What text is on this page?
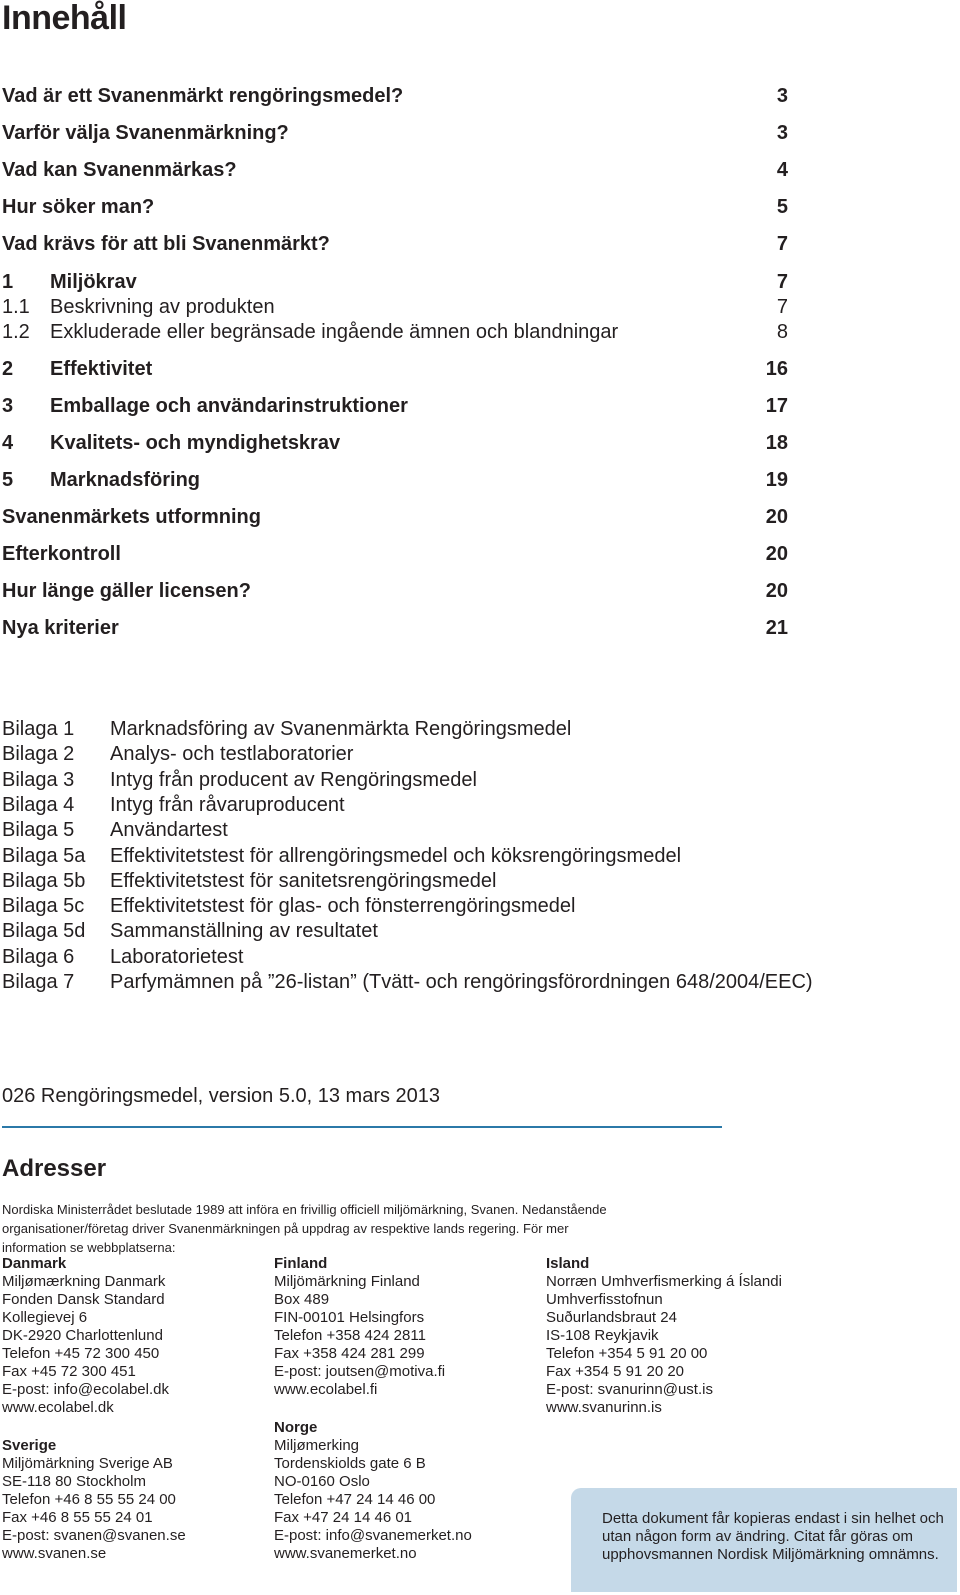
Innehåll
Vad är ett Svanenmärkt rengöringsmedel?	3
Varför välja Svanenmärkning?	3
Vad kan Svanenmärkas?	4
Hur söker man?	5
Vad krävs för att bli Svanenmärkt?	7
1	Miljökrav	7
1.1	Beskrivning av produkten	7
1.2	Exkluderade eller begränsade ingående ämnen och blandningar	8
2	Effektivitet	16
3	Emballage och användarinstruktioner	17
4	Kvalitets- och myndighetskrav	18
5	Marknadsföring	19
Svanenmärkets utformning	20
Efterkontroll	20
Hur länge gäller licensen?	20
Nya kriterier	21
Bilaga 1	Marknadsföring av Svanenmärkta Rengöringsmedel
Bilaga 2	Analys- och testlaboratorier
Bilaga 3	Intyg från producent av Rengöringsmedel
Bilaga 4	Intyg från råvaruproducent
Bilaga 5	Användartest
Bilaga 5a	Effektivitetstest för allrengöringsmedel och köksrengöringsmedel
Bilaga 5b	Effektivitetstest för sanitetsrengöringsmedel
Bilaga 5c	Effektivitetstest för glas- och fönsterrengöringsmedel
Bilaga 5d	Sammanställning av resultatet
Bilaga 6	Laboratorietest
Bilaga 7	Parfymämnen på ”26-listan” (Tvätt- och rengöringsförordningen 648/2004/EEC)
026 Rengöringsmedel, version 5.0, 13 mars 2013
Adresser
Nordiska Ministerrådet beslutade 1989 att införa en frivillig officiell miljömärkning, Svanen. Nedanstående organisationer/företag driver Svanenmärkningen på uppdrag av respektive lands regering. För mer information se webbplatserna:
Danmark
Miljømærkning Danmark
Fonden Dansk Standard
Kollegievej 6
DK-2920 Charlottenlund
Telefon +45 72 300 450
Fax +45 72 300 451
E-post: info@ecolabel.dk
www.ecolabel.dk
Sverige
Miljömärkning Sverige AB
SE-118 80 Stockholm
Telefon +46 8 55 55 24 00
Fax +46 8 55 55 24 01
E-post: svanen@svanen.se
www.svanen.se
Finland
Miljömärkning Finland
Box 489
FIN-00101 Helsingfors
Telefon +358 424 2811
Fax +358 424 281 299
E-post: joutsen@motiva.fi
www.ecolabel.fi
Norge
Miljømerking
Tordenskiolds gate 6 B
NO-0160 Oslo
Telefon +47 24 14 46 00
Fax +47 24 14 46 01
E-post: info@svanemerket.no
www.svanemerket.no
Island
Norræn Umhverfismerking á Íslandi
Umhverfisstofnun
Suðurlandsbraut 24
IS-108 Reykjavik
Telefon +354 5 91 20 00
Fax +354 5 91 20 20
E-post: svanurinn@ust.is
www.svanurinn.is
Detta dokument får kopieras endast i sin helhet och utan någon form av ändring. Citat får göras om upphovsmannen Nordisk Miljömärkning omnämns.
